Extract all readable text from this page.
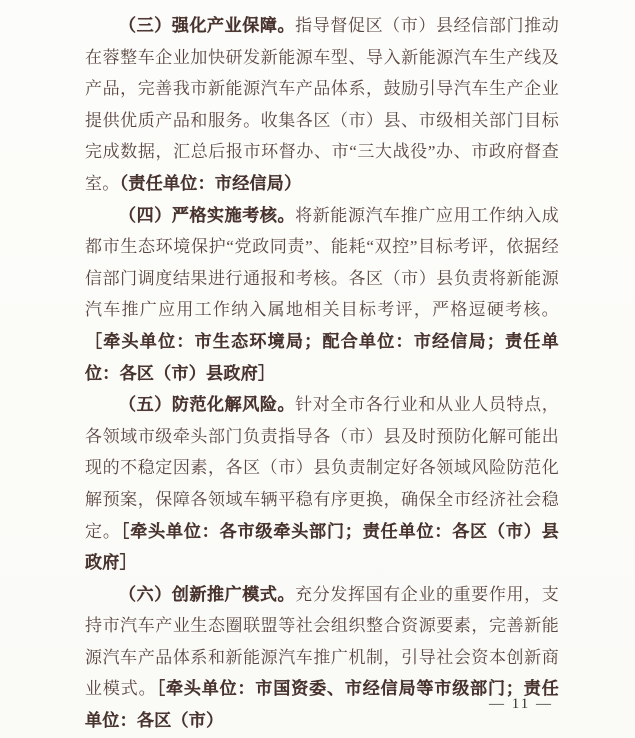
（三）强化产业保障。指导督促区（市）县经信部门推动在蓉整车企业加快研发新能源车型、导入新能源汽车生产线及产品，完善我市新能源汽车产品体系，鼓励引导汽车生产企业提供优质产品和服务。收集各区（市）县、市级相关部门目标完成数据，汇总后报市环督办、市“三大战役”办、市政府督查室。（责任单位：市经信局）

（四）严格实施考核。将新能源汽车推广应用工作纳入成都市生态环境保护“党政同责”、能耗“双控”目标考评，依据经信部门调度结果进行通报和考核。各区（市）县负责将新能源汽车推广应用工作纳入属地相关目标考评，严格逗硬考核。［牵头单位：市生态环境局；配合单位：市经信局；责任单位：各区（市）县政府］

（五）防范化解风险。针对全市各行业和从业人员特点，各领域市级牵头部门负责指导各（市）县及时预防化解可能出现的不稳定因素，各区（市）县负责制定好各领域风险防范化解预案，保障各领域车辆平稳有序更换，确保全市经济社会稳定。［牵头单位：各市级牵头部门；责任单位：各区（市）县政府］

（六）创新推广模式。充分发挥国有企业的重要作用，支持市汽车产业生态圈联盟等社会组织整合资源要素，完善新能源汽车产品体系和新能源汽车推广机制，引导社会资本创新商业模式。［牵头单位：市国资委、市经信局等市级部门；责任单位：各区（市）

— 11 —
